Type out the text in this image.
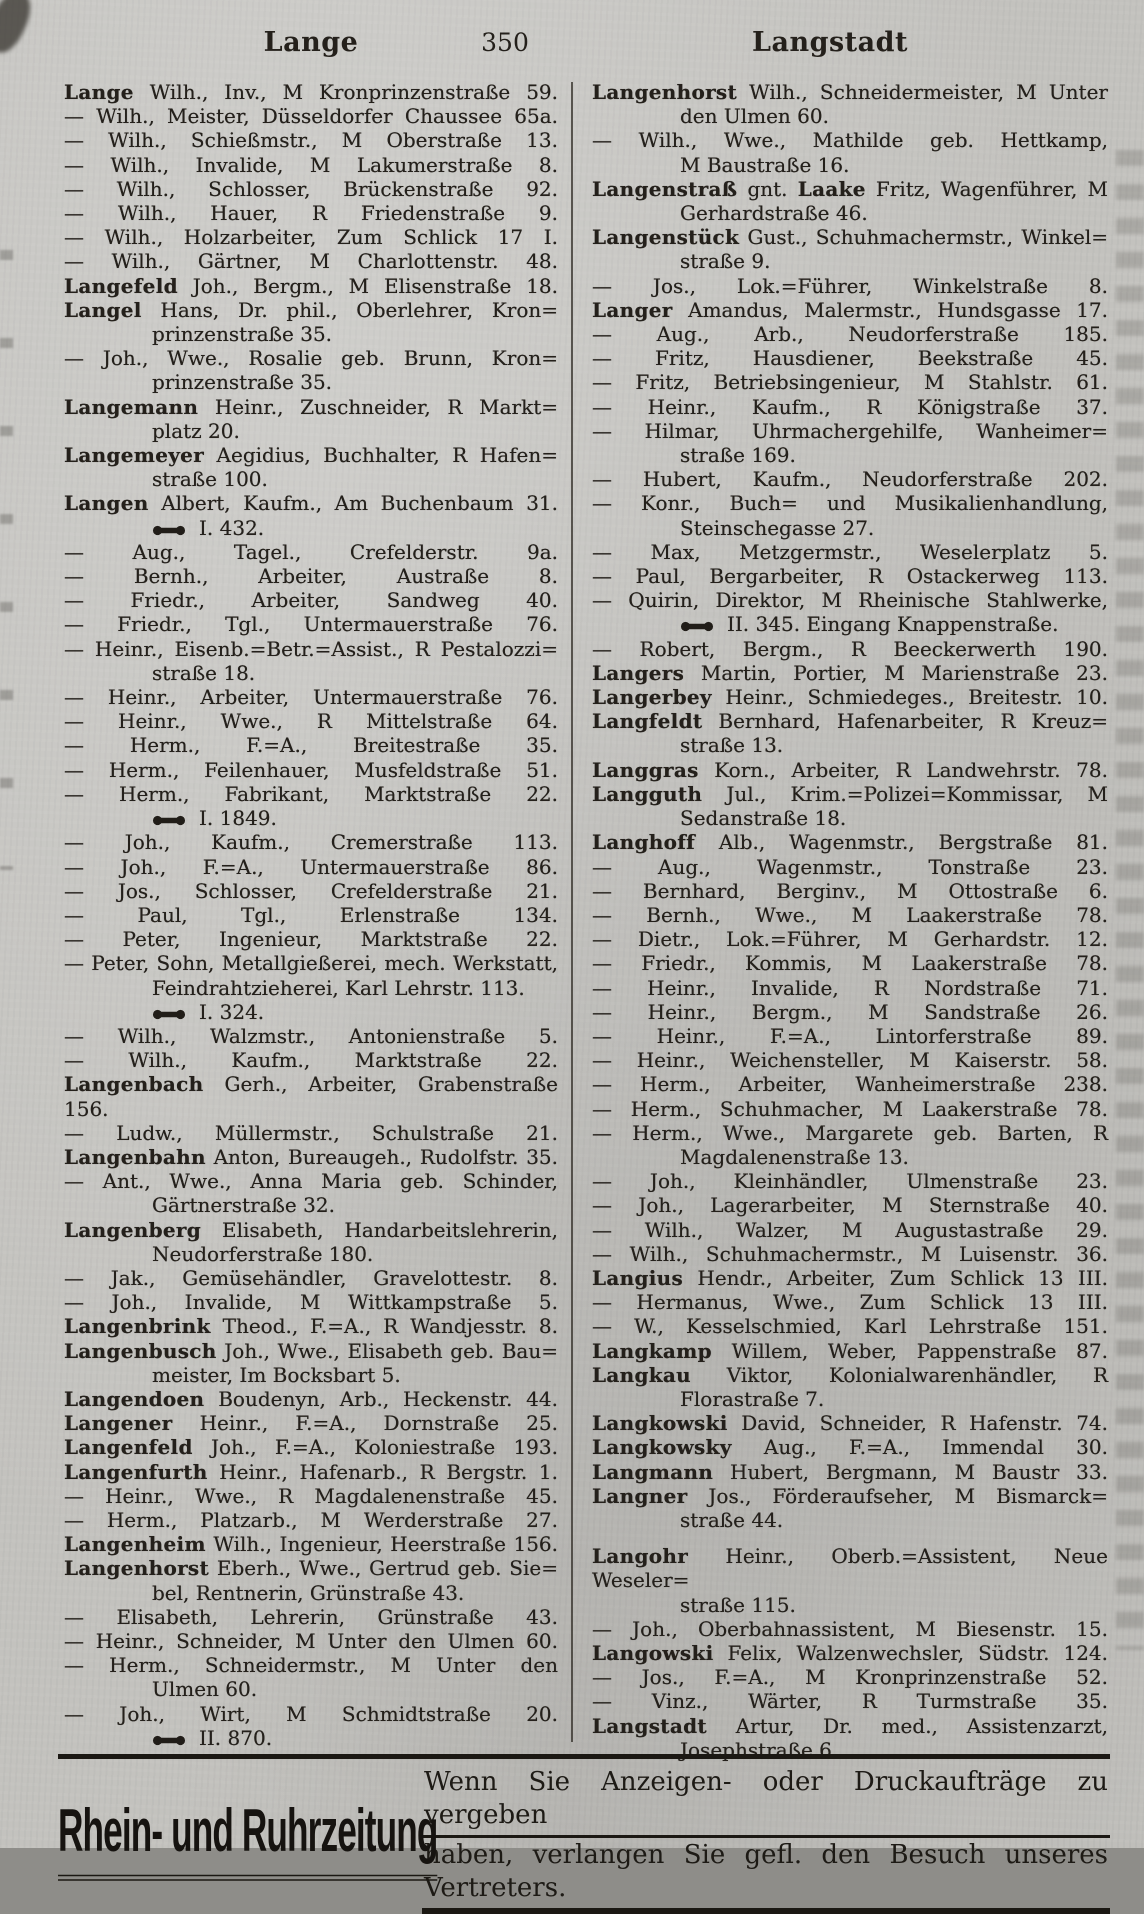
Lange	350	Langstadt
Lange Wilh., Inv., M Kronprinzenstraße 59.
— Wilh., Meister, Düsseldorfer Chaussee 65a.
— Wilh., Schießmstr., M Oberstraße 13.
— Wilh., Invalide, M Lakumerstraße 8.
— Wilh., Schlosser, Brückenstraße 92.
— Wilh., Hauer, R Friedenstraße 9.
— Wilh., Holzarbeiter, Zum Schlick 17 I.
— Wilh., Gärtner, M Charlottenstr. 48.
Langefeld Joh., Bergm., M Elisenstraße 18.
Langel Hans, Dr. phil., Oberlehrer, Kron=
prinzenstraße 35.
— Joh., Wwe., Rosalie geb. Brunn, Kron=
prinzenstraße 35.
Langemann Heinr., Zuschneider, R Markt=
platz 20.
Langemeyer Aegidius, Buchhalter, R Hafen=
straße 100.
Langen Albert, Kaufm., Am Buchenbaum 31.
I. 432.
— Aug., Tagel., Crefelderstr. 9a.
— Bernh., Arbeiter, Austraße 8.
— Friedr., Arbeiter, Sandweg 40.
— Friedr., Tgl., Untermauerstraße 76.
— Heinr., Eisenb.=Betr.=Assist., R Pestalozzi=
straße 18.
— Heinr., Arbeiter, Untermauerstraße 76.
— Heinr., Wwe., R Mittelstraße 64.
— Herm., F.=A., Breitestraße 35.
— Herm., Feilenhauer, Musfeldstraße 51.
— Herm., Fabrikant, Marktstraße 22.
I. 1849.
— Joh., Kaufm., Cremerstraße 113.
— Joh., F.=A., Untermauerstraße 86.
— Jos., Schlosser, Crefelderstraße 21.
— Paul, Tgl., Erlenstraße 134.
— Peter, Ingenieur, Marktstraße 22.
— Peter, Sohn, Metallgießerei, mech. Werkstatt,
Feindrahtzieherei, Karl Lehrstr. 113.
I. 324.
— Wilh., Walzmstr., Antonienstraße 5.
— Wilh., Kaufm., Marktstraße 22.
Langenbach Gerh., Arbeiter, Grabenstraße 156.
— Ludw., Müllermstr., Schulstraße 21.
Langenbahn Anton, Bureaugeh., Rudolfstr. 35.
— Ant., Wwe., Anna Maria geb. Schinder,
Gärtnerstraße 32.
Langenberg Elisabeth, Handarbeitslehrerin,
Neudorferstraße 180.
— Jak., Gemüsehändler, Gravelottestr. 8.
— Joh., Invalide, M Wittkampstraße 5.
Langenbrink Theod., F.=A., R Wandjesstr. 8.
Langenbusch Joh., Wwe., Elisabeth geb. Bau=
meister, Im Bocksbart 5.
Langendoen Boudenyn, Arb., Heckenstr. 44.
Langener Heinr., F.=A., Dornstraße 25.
Langenfeld Joh., F.=A., Koloniestraße 193.
Langenfurth Heinr., Hafenarb., R Bergstr. 1.
— Heinr., Wwe., R Magdalenenstraße 45.
— Herm., Platzarb., M Werderstraße 27.
Langenheim Wilh., Ingenieur, Heerstraße 156.
Langenhorst Eberh., Wwe., Gertrud geb. Sie=
bel, Rentnerin, Grünstraße 43.
— Elisabeth, Lehrerin, Grünstraße 43.
— Heinr., Schneider, M Unter den Ulmen 60.
— Herm., Schneidermstr., M Unter den
Ulmen 60.
— Joh., Wirt, M Schmidtstraße 20.
II. 870.
Langenhorst Wilh., Schneidermeister, M Unter
den Ulmen 60.
— Wilh., Wwe., Mathilde geb. Hettkamp,
M Baustraße 16.
Langenstraß gnt. Laake Fritz, Wagenführer, M
Gerhardstraße 46.
Langenstück Gust., Schuhmachermstr., Winkel=
straße 9.
— Jos., Lok.=Führer, Winkelstraße 8.
Langer Amandus, Malermstr., Hundsgasse 17.
— Aug., Arb., Neudorferstraße 185.
— Fritz, Hausdiener, Beekstraße 45.
— Fritz, Betriebsingenieur, M Stahlstr. 61.
— Heinr., Kaufm., R Königstraße 37.
— Hilmar, Uhrmachergehilfe, Wanheimer=
straße 169.
— Hubert, Kaufm., Neudorferstraße 202.
— Konr., Buch= und Musikalienhandlung,
Steinschegasse 27.
— Max, Metzgermstr., Weselerplatz 5.
— Paul, Bergarbeiter, R Ostackerweg 113.
— Quirin, Direktor, M Rheinische Stahlwerke,
II. 345. Eingang Knappenstraße.
— Robert, Bergm., R Beeckerwerth 190.
Langers Martin, Portier, M Marienstraße 23.
Langerbey Heinr., Schmiedeges., Breitestr. 10.
Langfeldt Bernhard, Hafenarbeiter, R Kreuz=
straße 13.
Langgras Korn., Arbeiter, R Landwehrstr. 78.
Langguth Jul., Krim.=Polizei=Kommissar, M
Sedanstraße 18.
Langhoff Alb., Wagenmstr., Bergstraße 81.
— Aug., Wagenmstr., Tonstraße 23.
— Bernhard, Berginv., M Ottostraße 6.
— Bernh., Wwe., M Laakerstraße 78.
— Dietr., Lok.=Führer, M Gerhardstr. 12.
— Friedr., Kommis, M Laakerstraße 78.
— Heinr., Invalide, R Nordstraße 71.
— Heinr., Bergm., M Sandstraße 26.
— Heinr., F.=A., Lintorferstraße 89.
— Heinr., Weichensteller, M Kaiserstr. 58.
— Herm., Arbeiter, Wanheimerstraße 238.
— Herm., Schuhmacher, M Laakerstraße 78.
— Herm., Wwe., Margarete geb. Barten, R
Magdalenenstraße 13.
— Joh., Kleinhändler, Ulmenstraße 23.
— Joh., Lagerarbeiter, M Sternstraße 40.
— Wilh., Walzer, M Augustastraße 29.
— Wilh., Schuhmachermstr., M Luisenstr. 36.
Langius Hendr., Arbeiter, Zum Schlick 13 III.
— Hermanus, Wwe., Zum Schlick 13 III.
— W., Kesselschmied, Karl Lehrstraße 151.
Langkamp Willem, Weber, Pappenstraße 87.
Langkau Viktor, Kolonialwarenhändler, R
Florastraße 7.
Langkowski David, Schneider, R Hafenstr. 74.
Langkowsky Aug., F.=A., Immendal 30.
Langmann Hubert, Bergmann, M Baustr 33.
Langner Jos., Förderaufseher, M Bismarck=
straße 44.
Langohr Heinr., Oberb.=Assistent, Neue Weseler=
straße 115.
— Joh., Oberbahnassistent, M Biesenstr. 15.
Langowski Felix, Walzenwechsler, Südstr. 124.
— Jos., F.=A., M Kronprinzenstraße 52.
— Vinz., Wärter, R Turmstraße 35.
Langstadt Artur, Dr. med., Assistenzarzt,
Josephstraße 6.
Rhein- und Ruhrzeitung
Wenn Sie Anzeigen- oder Druckaufträge zu vergeben
haben, verlangen Sie gefl. den Besuch unseres Vertreters.
